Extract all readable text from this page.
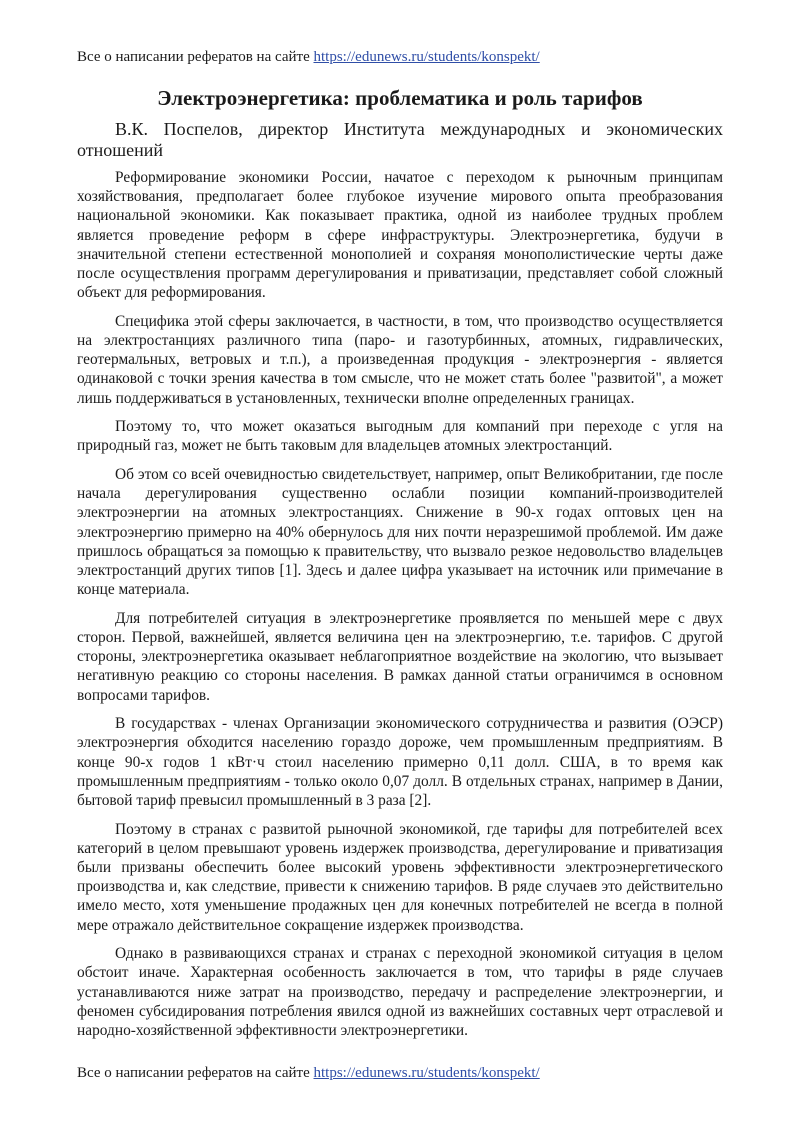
Все о написании рефератов на сайте https://edunews.ru/students/konspekt/
Электроэнергетика: проблематика и роль тарифов
В.К. Поспелов, директор Института международных и экономических отношений

Реформирование экономики России, начатое с переходом к рыночным принципам хозяйствования, предполагает более глубокое изучение мирового опыта преобразования национальной экономики. Как показывает практика, одной из наиболее трудных проблем является проведение реформ в сфере инфраструктуры. Электроэнергетика, будучи в значительной степени естественной монополией и сохраняя монополистические черты даже после осуществления программ дерегулирования и приватизации, представляет собой сложный объект для реформирования.

Специфика этой сферы заключается, в частности, в том, что производство осуществляется на электростанциях различного типа (паро- и газотурбинных, атомных, гидравлических, геотермальных, ветровых и т.п.), а произведенная продукция - электроэнергия - является одинаковой с точки зрения качества в том смысле, что не может стать более "развитой", а может лишь поддерживаться в установленных, технически вполне определенных границах.

Поэтому то, что может оказаться выгодным для компаний при переходе с угля на природный газ, может не быть таковым для владельцев атомных электростанций.

Об этом со всей очевидностью свидетельствует, например, опыт Великобритании, где после начала дерегулирования существенно ослабли позиции компаний-производителей электроэнергии на атомных электростанциях. Снижение в 90-х годах оптовых цен на электроэнергию примерно на 40% обернулось для них почти неразрешимой проблемой. Им даже пришлось обращаться за помощью к правительству, что вызвало резкое недовольство владельцев электростанций других типов [1]. Здесь и далее цифра указывает на источник или примечание в конце материала.

Для потребителей ситуация в электроэнергетике проявляется по меньшей мере с двух сторон. Первой, важнейшей, является величина цен на электроэнергию, т.е. тарифов. С другой стороны, электроэнергетика оказывает неблагоприятное воздействие на экологию, что вызывает негативную реакцию со стороны населения. В рамках данной статьи ограничимся в основном вопросами тарифов.

В государствах - членах Организации экономического сотрудничества и развития (ОЭСР) электроэнергия обходится населению гораздо дороже, чем промышленным предприятиям. В конце 90-х годов 1 кВт·ч стоил населению примерно 0,11 долл. США, в то время как промышленным предприятиям - только около 0,07 долл. В отдельных странах, например в Дании, бытовой тариф превысил промышленный в 3 раза [2].

Поэтому в странах с развитой рыночной экономикой, где тарифы для потребителей всех категорий в целом превышают уровень издержек производства, дерегулирование и приватизация были призваны обеспечить более высокий уровень эффективности электроэнергетического производства и, как следствие, привести к снижению тарифов. В ряде случаев это действительно имело место, хотя уменьшение продажных цен для конечных потребителей не всегда в полной мере отражало действительное сокращение издержек производства.

Однако в развивающихся странах и странах с переходной экономикой ситуация в целом обстоит иначе. Характерная особенность заключается в том, что тарифы в ряде случаев устанавливаются ниже затрат на производство, передачу и распределение электроэнергии, и феномен субсидирования потребления явился одной из важнейших составных черт отраслевой и народно-хозяйственной эффективности электроэнергетики.

Все о написании рефератов на сайте https://edunews.ru/students/konspekt/
